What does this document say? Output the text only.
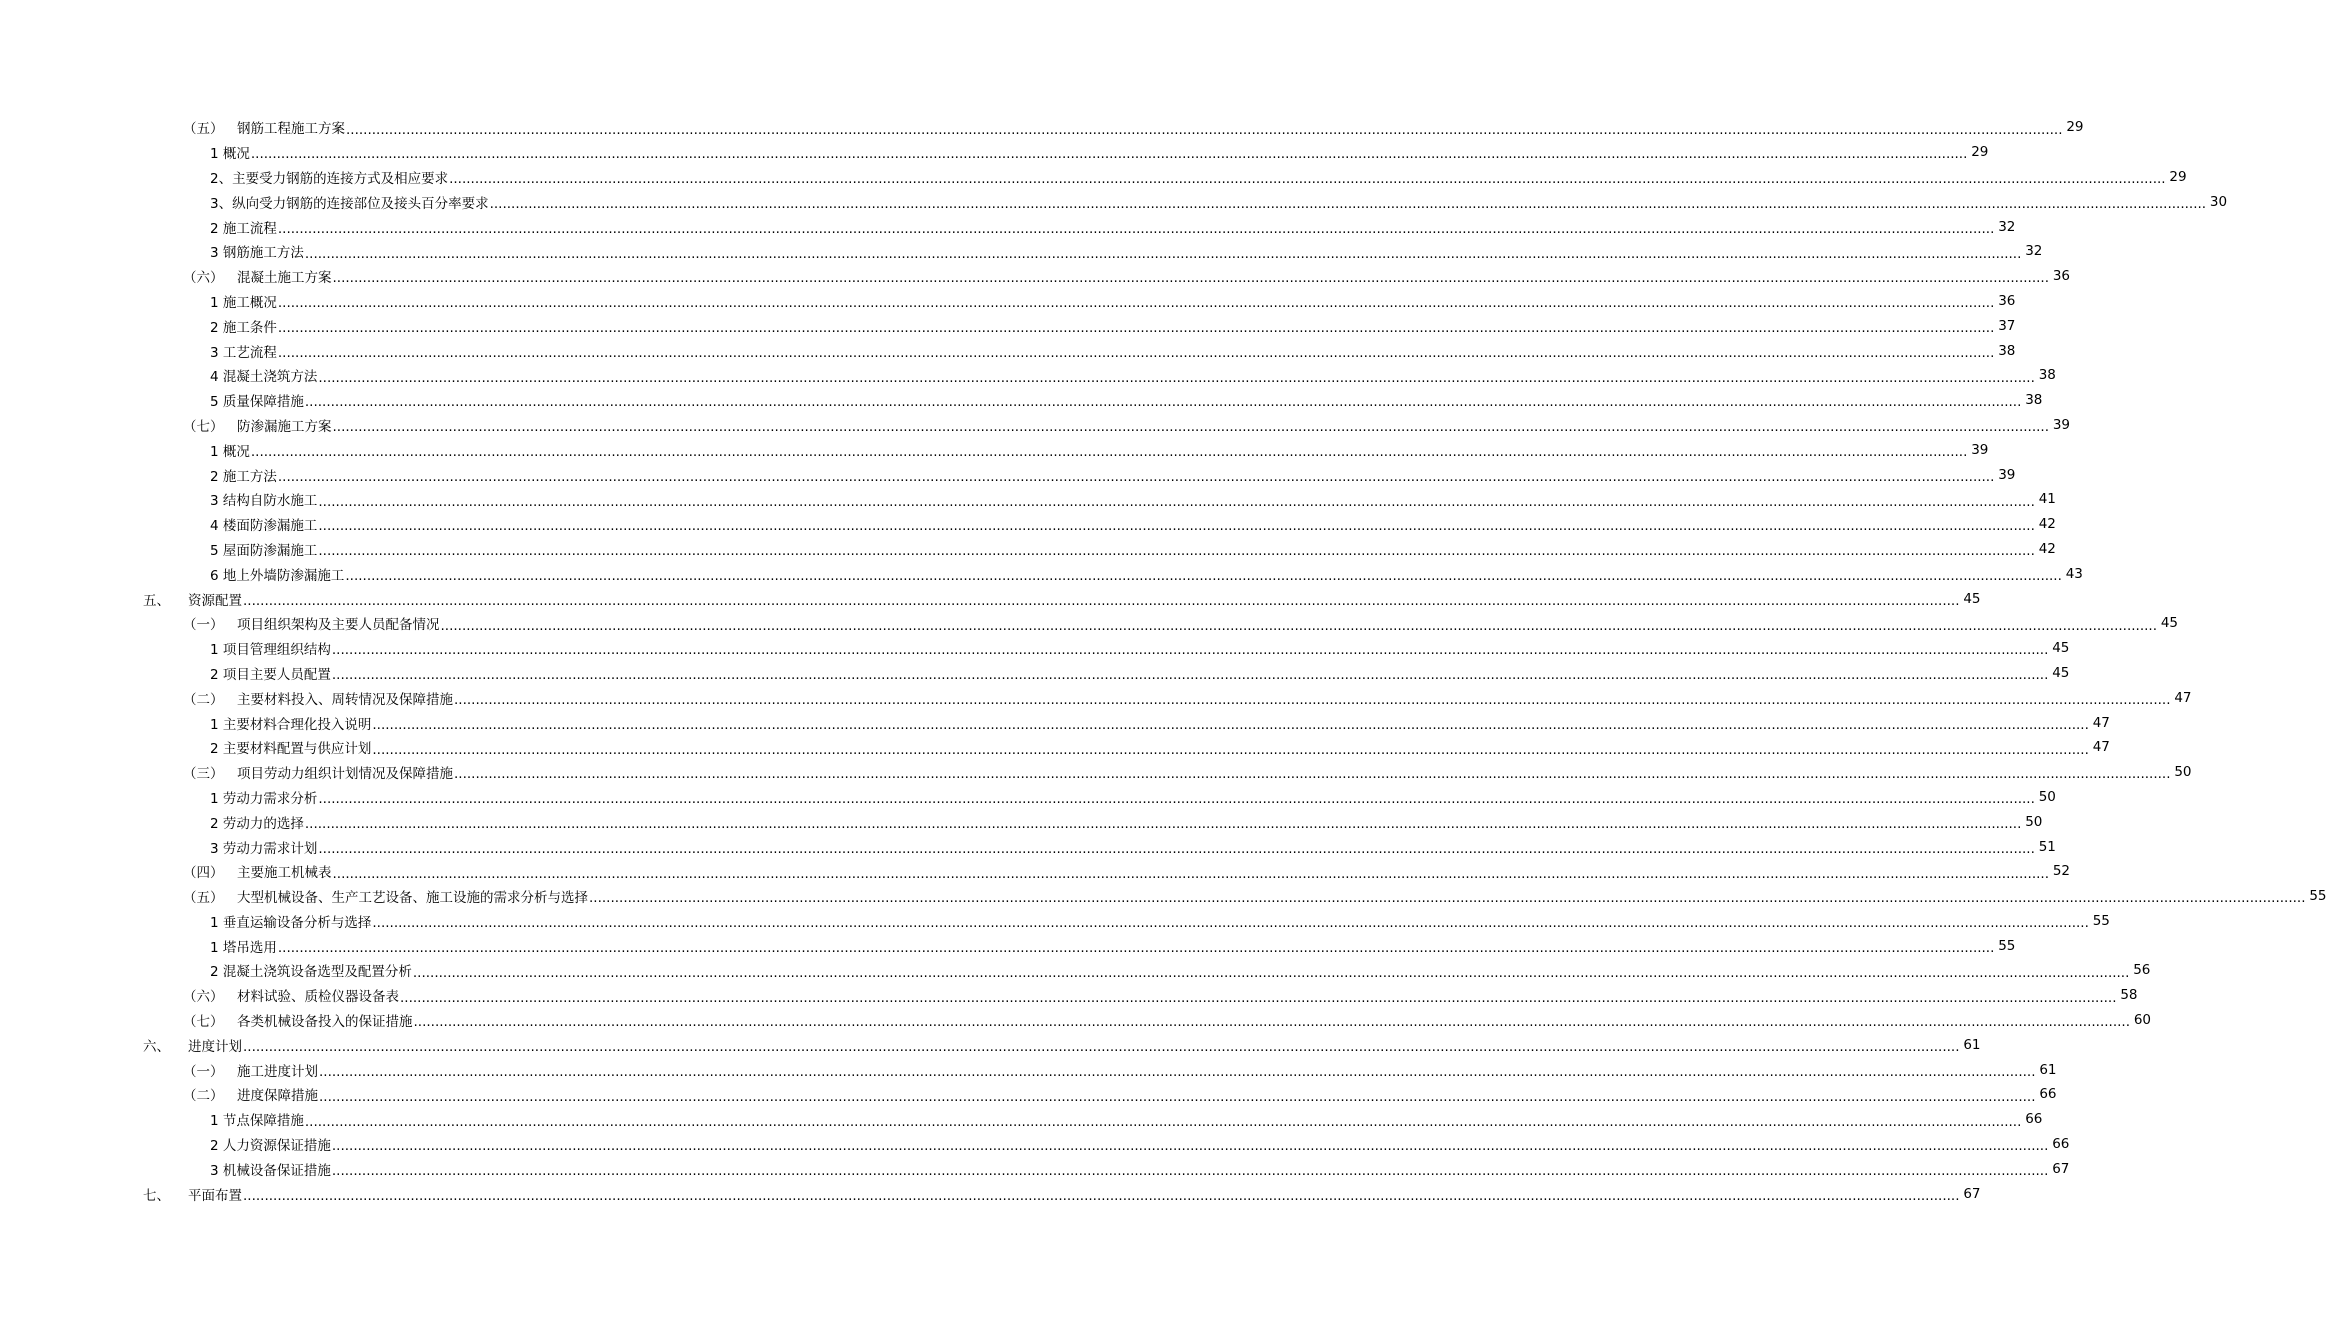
（五）	钢筋工程施工方案 ................................................................................................................................................................................................................................................................................................................................................................................................................ 29
1 概况 ................................................................................................................................................................................................................................................................................................................................................................................................................ 29
2、主要受力钢筋的连接方式及相应要求 ................................................................................................................................................................................................................................................................................................................................................................................................................ 29
3、纵向受力钢筋的连接部位及接头百分率要求 ................................................................................................................................................................................................................................................................................................................................................................................................................ 30
2 施工流程 ................................................................................................................................................................................................................................................................................................................................................................................................................ 32
3 钢筋施工方法 ................................................................................................................................................................................................................................................................................................................................................................................................................ 32
（六）	混凝土施工方案 ................................................................................................................................................................................................................................................................................................................................................................................................................ 36
1 施工概况 ................................................................................................................................................................................................................................................................................................................................................................................................................ 36
2 施工条件 ................................................................................................................................................................................................................................................................................................................................................................................................................ 37
3 工艺流程 ................................................................................................................................................................................................................................................................................................................................................................................................................ 38
4 混凝土浇筑方法 ................................................................................................................................................................................................................................................................................................................................................................................................................ 38
5 质量保障措施 ................................................................................................................................................................................................................................................................................................................................................................................................................ 38
（七）	防渗漏施工方案 ................................................................................................................................................................................................................................................................................................................................................................................................................ 39
1 概况 ................................................................................................................................................................................................................................................................................................................................................................................................................ 39
2 施工方法 ................................................................................................................................................................................................................................................................................................................................................................................................................ 39
3 结构自防水施工 ................................................................................................................................................................................................................................................................................................................................................................................................................ 41
4 楼面防渗漏施工 ................................................................................................................................................................................................................................................................................................................................................................................................................ 42
5 屋面防渗漏施工 ................................................................................................................................................................................................................................................................................................................................................................................................................ 42
6 地上外墙防渗漏施工 ................................................................................................................................................................................................................................................................................................................................................................................................................ 43
五、	资源配置 ................................................................................................................................................................................................................................................................................................................................................................................................................ 45
（一）	项目组织架构及主要人员配备情况 ................................................................................................................................................................................................................................................................................................................................................................................................................ 45
1 项目管理组织结构 ................................................................................................................................................................................................................................................................................................................................................................................................................ 45
2 项目主要人员配置 ................................................................................................................................................................................................................................................................................................................................................................................................................ 45
（二）	主要材料投入、周转情况及保障措施 ................................................................................................................................................................................................................................................................................................................................................................................................................ 47
1 主要材料合理化投入说明 ................................................................................................................................................................................................................................................................................................................................................................................................................ 47
2 主要材料配置与供应计划 ................................................................................................................................................................................................................................................................................................................................................................................................................ 47
（三）	项目劳动力组织计划情况及保障措施 ................................................................................................................................................................................................................................................................................................................................................................................................................ 50
1 劳动力需求分析 ................................................................................................................................................................................................................................................................................................................................................................................................................ 50
2 劳动力的选择 ................................................................................................................................................................................................................................................................................................................................................................................................................ 50
3 劳动力需求计划 ................................................................................................................................................................................................................................................................................................................................................................................................................ 51
（四）	主要施工机械表 ................................................................................................................................................................................................................................................................................................................................................................................................................ 52
（五）	大型机械设备、生产工艺设备、施工设施的需求分析与选择 ................................................................................................................................................................................................................................................................................................................................................................................................................ 55
1 垂直运输设备分析与选择 ................................................................................................................................................................................................................................................................................................................................................................................................................ 55
1 塔吊选用 ................................................................................................................................................................................................................................................................................................................................................................................................................ 55
2 混凝土浇筑设备选型及配置分析 ................................................................................................................................................................................................................................................................................................................................................................................................................ 56
（六）	材料试验、质检仪器设备表 ................................................................................................................................................................................................................................................................................................................................................................................................................ 58
（七）	各类机械设备投入的保证措施 ................................................................................................................................................................................................................................................................................................................................................................................................................ 60
六、	进度计划 ................................................................................................................................................................................................................................................................................................................................................................................................................ 61
（一）	施工进度计划 ................................................................................................................................................................................................................................................................................................................................................................................................................ 61
（二）	进度保障措施 ................................................................................................................................................................................................................................................................................................................................................................................................................ 66
1 节点保障措施 ................................................................................................................................................................................................................................................................................................................................................................................................................ 66
2 人力资源保证措施 ................................................................................................................................................................................................................................................................................................................................................................................................................ 66
3 机械设备保证措施 ................................................................................................................................................................................................................................................................................................................................................................................................................ 67
七、	平面布置 ................................................................................................................................................................................................................................................................................................................................................................................................................ 67
